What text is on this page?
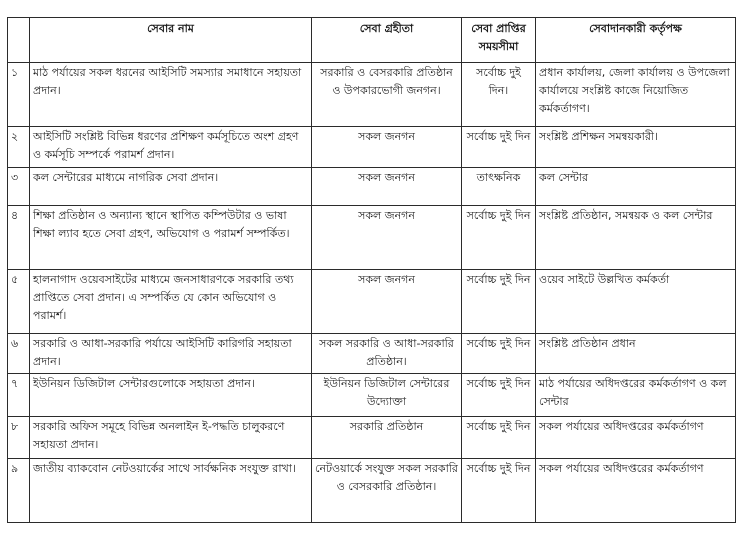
	সেবার নাম	সেবা গ্রহীতা	সেবা প্রাপ্তির সময়সীমা	সেবাদানকারী কর্তৃপক্ষ
১	মাঠ পর্যায়ের সকল ধরনের আইসিটি সমস্যার সমাধানে সহায়তা প্রদান।	সরকারি ও বেসরকারি প্রতিষ্ঠান ও উপকারভোগী জনগন।	সর্বোচ্চ দুই দিন।	প্রধান কার্যালয়, জেলা কার্যালয় ও উপজেলা কার্যালয়ে সংশ্লিষ্ট কাজে নিয়োজিত কর্মকর্তাগণ।
২	আইসিটি সংশ্লিষ্ট বিভিন্ন ধরণের প্রশিক্ষণ কর্মসূচিতে অংশ গ্রহণ ও কর্মসূচি সম্পর্কে পরামর্শ প্রদান।	সকল জনগন	সর্বোচ্চ দুই দিন	সংশ্লিষ্ট প্রশিক্ষন সমন্বয়কারী।
৩	কল সেন্টারের মাধ্যমে নাগরিক সেবা প্রদান।	সকল জনগন	তাৎক্ষনিক	কল সেন্টার
৪	শিক্ষা প্রতিষ্ঠান ও অন্যান্য স্থানে স্থাপিত কম্পিউটার ও ভাষা শিক্ষা ল্যাব হতে সেবা গ্রহণ, অভিযোগ ও পরামর্শ সম্পর্কিত।	সকল জনগন	সর্বোচ্চ দুই দিন	সংশ্লিষ্ট প্রতিষ্ঠান, সমন্বয়ক ও কল সেন্টার
৫	হালনাগাদ ওয়েবসাইটের মাধ্যমে জনসাধারণকে সরকারি তথ্য প্রাপ্তিতে সেবা প্রদান। এ সম্পর্কিত যে কোন অভিযোগ ও পরামর্শ।	সকল জনগন	সর্বোচ্চ দুই দিন	ওয়েব সাইটে উল্লখিত কর্মকর্তা
৬	সরকারি ও আধা-সরকারি পর্যায়ে আইসিটি কারিগরি সহায়তা প্রদান।	সকল সরকারি ও আধা-সরকারি প্রতিষ্ঠান।	সর্বোচ্চ দুই দিন	সংশ্লিষ্ট প্রতিষ্ঠান প্রধান
৭	ইউনিয়ন ডিজিটাল সেন্টারগুলোকে সহায়তা প্রদান।	ইউনিয়ন ডিজিটাল সেন্টারের উদ্যোক্তা	সর্বোচ্চ দুই দিন	মাঠ পর্যায়ের অধিদপ্তরের কর্মকর্তাগণ ও কল সেন্টার
৮	সরকারি অফিস সমূহে বিভিন্ন অনলাইন ই-পদ্ধতি চালুকরণে সহায়তা প্রদান।	সরকারি প্রতিষ্ঠান	সর্বোচ্চ দুই দিন	সকল পর্যায়ের অধিদপ্তরের কর্মকর্তাগণ
৯	জাতীয় ব্যাকবোন নেটওয়ার্কের সাথে সার্বক্ষনিক সংযুক্ত রাখা।	নেটওয়ার্কে সংযুক্ত সকল সরকারি ও বেসরকারি প্রতিষ্ঠান।	সর্বোচ্চ দুই দিন	সকল পর্যায়ের অধিদপ্তরের কর্মকর্তাগণ
